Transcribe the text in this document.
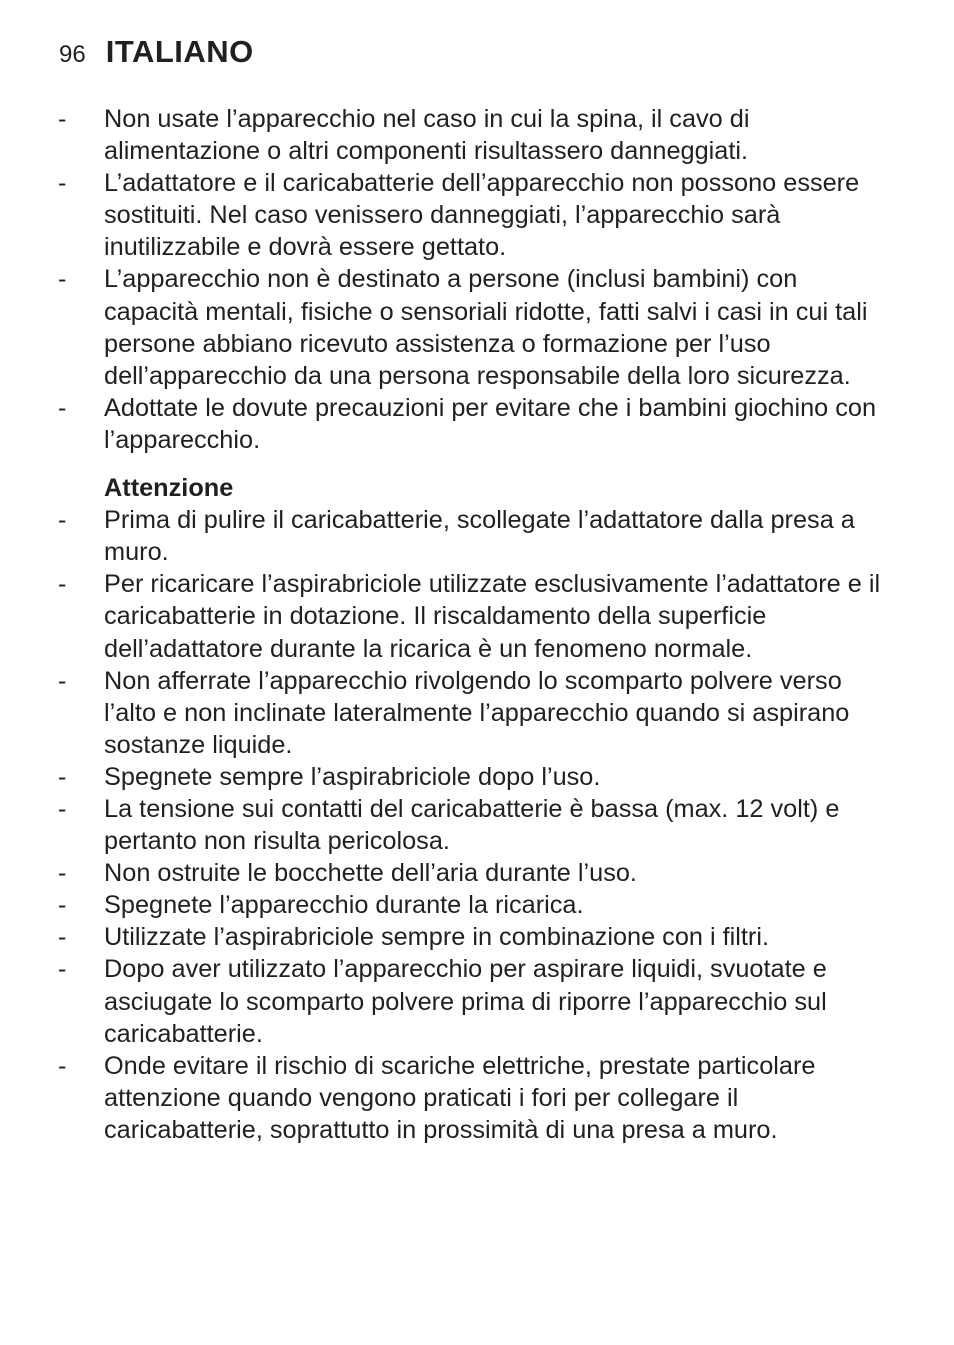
96 ITALIANO
-	Non usate l’apparecchio nel caso in cui la spina, il cavo di alimentazione o altri componenti risultassero danneggiati.
-	L’adattatore e il caricabatterie dell’apparecchio non possono essere sostituiti. Nel caso venissero danneggiati, l’apparecchio sarà inutilizzabile e dovrà essere gettato.
-	L’apparecchio non è destinato a persone (inclusi bambini) con capacità mentali, fisiche o sensoriali ridotte, fatti salvi i casi in cui tali persone abbiano ricevuto assistenza o formazione per l’uso dell’apparecchio da una persona responsabile della loro sicurezza.
-	Adottate le dovute precauzioni per evitare che i bambini giochino con l’apparecchio.
Attenzione
-	Prima di pulire il caricabatterie, scollegate l’adattatore dalla presa a muro.
-	Per ricaricare l’aspirabriciole utilizzate esclusivamente l’adattatore e il caricabatterie in dotazione. Il riscaldamento della superficie dell’adattatore durante la ricarica è un fenomeno normale.
-	Non afferrate l’apparecchio rivolgendo lo scomparto polvere verso l’alto e non inclinate lateralmente l’apparecchio quando si aspirano sostanze liquide.
-	Spegnete sempre l’aspirabriciole dopo l’uso.
-	La tensione sui contatti del caricabatterie è bassa (max. 12 volt) e pertanto non risulta pericolosa.
-	Non ostruite le bocchette dell’aria durante l’uso.
-	Spegnete l’apparecchio durante la ricarica.
-	Utilizzate l’aspirabriciole sempre in combinazione con i filtri.
-	Dopo aver utilizzato l’apparecchio per aspirare liquidi, svuotate e asciugate lo scomparto polvere prima di riporre l’apparecchio sul caricabatterie.
-	Onde evitare il rischio di scariche elettriche, prestate particolare attenzione quando vengono praticati i fori per collegare il caricabatterie, soprattutto in prossimità di una presa a muro.
